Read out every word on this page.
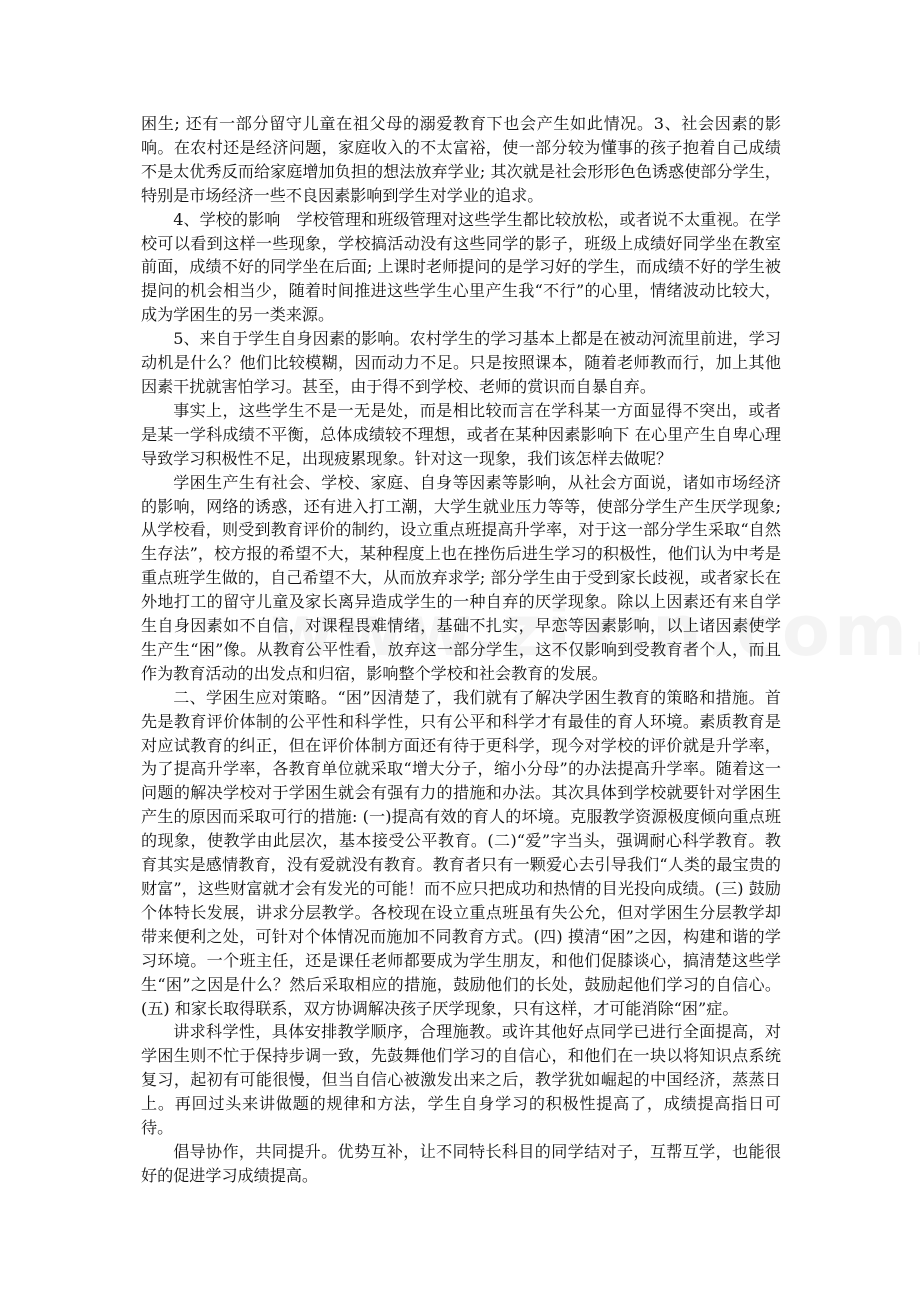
困生; 还有一部分留守儿童在祖父母的溺爱教育下也会产生如此情况。3、社会因素的影响。在农村还是经济问题，家庭收入的不太富裕，使一部分较为懂事的孩子抱着自己成绩不是太优秀反而给家庭增加负担的想法放弃学业; 其次就是社会形形色色诱惑使部分学生，特别是市场经济一些不良因素影响到学生对学业的追求。

4、学校的影响　学校管理和班级管理对这些学生都比较放松，或者说不太重视。在学校可以看到这样一些现象，学校搞活动没有这些同学的影子，班级上成绩好同学坐在教室前面，成绩不好的同学坐在后面; 上课时老师提问的是学习好的学生，而成绩不好的学生被提问的机会相当少，随着时间推进这些学生心里产生我“不行”的心里，情绪波动比较大，成为学困生的另一类来源。

5、来自于学生自身因素的影响。农村学生的学习基本上都是在被动河流里前进，学习动机是什么？他们比较模糊，因而动力不足。只是按照课本，随着老师教而行，加上其他因素干扰就害怕学习。甚至，由于得不到学校、老师的赏识而自暴自弃。

事实上，这些学生不是一无是处，而是相比较而言在学科某一方面显得不突出，或者是某一学科成绩不平衡，总体成绩较不理想，或者在某种因素影响下 在心里产生自卑心理导致学习积极性不足，出现疲累现象。针对这一现象，我们该怎样去做呢？

学困生产生有社会、学校、家庭、自身等因素等影响，从社会方面说，诸如市场经济的影响，网络的诱惑，还有进入打工潮，大学生就业压力等等，使部分学生产生厌学现象; 从学校看，则受到教育评价的制约，设立重点班提高升学率，对于这一部分学生采取“自然生存法”，校方报的希望不大，某种程度上也在挫伤后进生学习的积极性，他们认为中考是重点班学生做的，自己希望不大，从而放弃求学; 部分学生由于受到家长歧视，或者家长在外地打工的留守儿童及家长离异造成学生的一种自弃的厌学现象。除以上因素还有来自学生自身因素如不自信，对课程畏难情绪，基础不扎实，早恋等因素影响，以上诸因素使学生产生“困”像。从教育公平性看，放弃这一部分学生，这不仅影响到受教育者个人，而且作为教育活动的出发点和归宿，影响整个学校和社会教育的发展。

二、学困生应对策略。“困”因清楚了，我们就有了解决学困生教育的策略和措施。首先是教育评价体制的公平性和科学性，只有公平和科学才有最佳的育人环境。素质教育是对应试教育的纠正，但在评价体制方面还有待于更科学，现今对学校的评价就是升学率，为了提高升学率，各教育单位就采取“增大分子，缩小分母”的办法提高升学率。随着这一问题的解决学校对于学困生就会有强有力的措施和办法。其次具体到学校就要针对学困生产生的原因而采取可行的措施: (一)提高有效的育人的坏境。克服教学资源极度倾向重点班的现象，使教学由此层次，基本接受公平教育。(二)“爱”字当头，强调耐心科学教育。教育其实是感情教育，没有爱就没有教育。教育者只有一颗爱心去引导我们“人类的最宝贵的财富”，这些财富就才会有发光的可能！而不应只把成功和热情的目光投向成绩。(三) 鼓励个体特长发展，讲求分层教学。各校现在设立重点班虽有失公允，但对学困生分层教学却带来便利之处，可针对个体情况而施加不同教育方式。(四) 摸清“困”之因，构建和谐的学习环境。一个班主任，还是课任老师都要成为学生朋友，和他们促膝谈心，搞清楚这些学生“困”之因是什么？然后采取相应的措施，鼓励他们的长处，鼓励起他们学习的自信心。(五) 和家长取得联系，双方协调解决孩子厌学现象，只有这样，才可能消除“困”症。

讲求科学性，具体安排教学顺序，合理施教。或许其他好点同学已进行全面提高，对学困生则不忙于保持步调一致，先鼓舞他们学习的自信心，和他们在一块以将知识点系统复习，起初有可能很慢，但当自信心被激发出来之后，教学犹如崛起的中国经济，蒸蒸日上。再回过头来讲做题的规律和方法，学生自身学习的积极性提高了，成绩提高指日可待。

倡导协作，共同提升。优势互补，让不同特长科目的同学结对子，互帮互学，也能很好的促进学习成绩提高。
